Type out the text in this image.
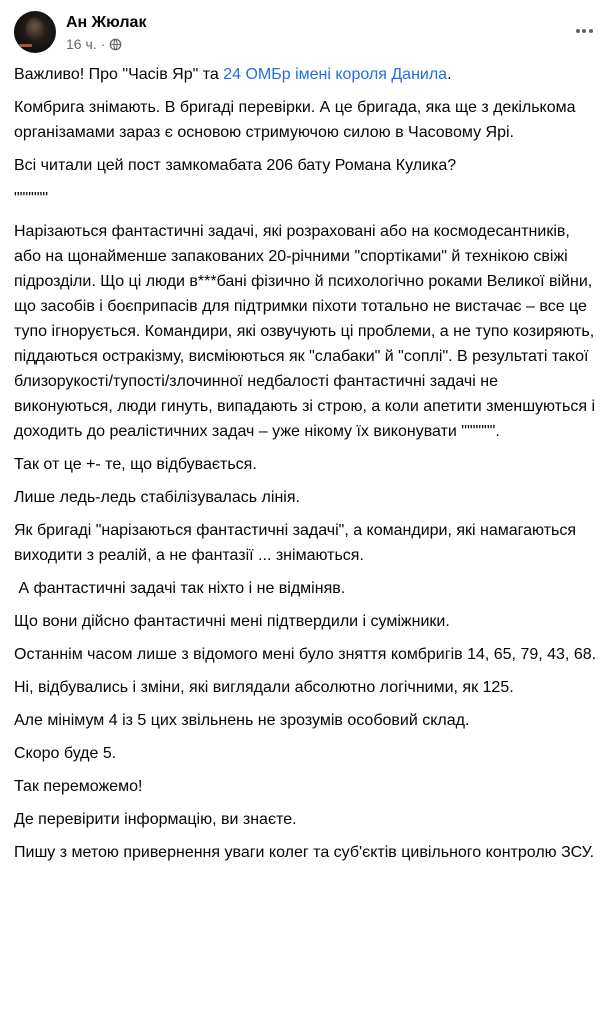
Ан Жюлак
16 ч. ·

Важливо! Про "Часів Яр" та 24 ОМБр імені короля Данила.

Комбрига знімають. В бригаді перевірки. А це бригада, яка ще з декількома організамами зараз є основою стримуючою силою в Часовому Ярі.

Всі читали цей пост замкомабата 206 бату Романа Кулика?

""""""

Нарізаються фантастичні задачі, які розраховані або на космодесантників, або на щонайменше запакованих 20-річними "спортіками" й технікою свіжі підрозділи. Що ці люди в***бані фізично й психологічно роками Великої війни, що засобів і боєприпасів для підтримки піхоти тотально не вистачає – все це тупо ігнорується. Командири, які озвучують ці проблеми, а не тупо козиряють, піддаються остракізму, висміюються як "слабаки" й "соплі". В результаті такої близорукості/тупості/злочинної недбалості фантастичні задачі не виконуються, люди гинуть, випадають зі строю, а коли апетити зменшуються і доходить до реалістичних задач – уже нікому їх виконувати """""".

Так от це +- те, що відбувається.

Лише ледь-ледь стабілізувалась лінія.

Як бригаді "нарізаються фантастичні задачі", а командири, які намагаються виходити з реалій, а не фантазії ... знімаються.

А фантастичні задачі так ніхто і не відміняв.

Що вони дійсно фантастичні мені підтвердили і суміжники.

Останнім часом лише з відомого мені було зняття комбригів 14, 65, 79, 43, 68.

Ні, відбувались і зміни, які виглядали абсолютно логічними, як 125.

Але мінімум 4 із 5 цих звільнень не зрозумів особовий склад.

Скоро буде 5.

Так переможемо!

Де перевірити інформацію, ви знаєте.

Пишу з метою привернення уваги колег та суб'єктів цивільного контролю ЗСУ.
